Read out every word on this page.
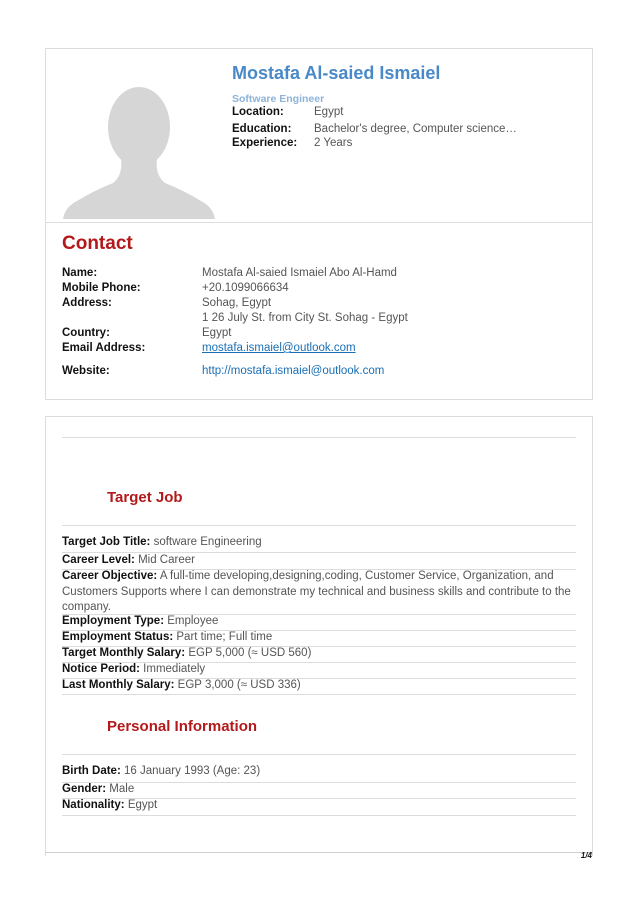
Mostafa Al-saied Ismaiel
Software Engineer
Location:	Egypt
Education: Bachelor's degree, Computer science…
Experience: 2 Years
Contact
Name:	Mostafa Al-saied Ismaiel Abo Al-Hamd
Mobile Phone:	+20.1099066634
Address:	Sohag, Egypt
1 26 July St. from City St. Sohag - Egypt
Country:	Egypt
Email Address:	mostafa.ismaiel@outlook.com
Website:	http://mostafa.ismaiel@outlook.com
Target Job
Target Job Title: software Engineering
Career Level: Mid Career
Career Objective: A full-time developing,designing,coding, Customer Service, Organization, and Customers Supports where I can demonstrate my technical and business skills and contribute to the company.
Employment Type: Employee
Employment Status: Part time; Full time
Target Monthly Salary: EGP 5,000 (≈ USD 560)
Notice Period: Immediately
Last Monthly Salary: EGP 3,000 (≈ USD 336)
Personal Information
Birth Date: 16 January 1993 (Age: 23)
Gender: Male
Nationality: Egypt
1/4
